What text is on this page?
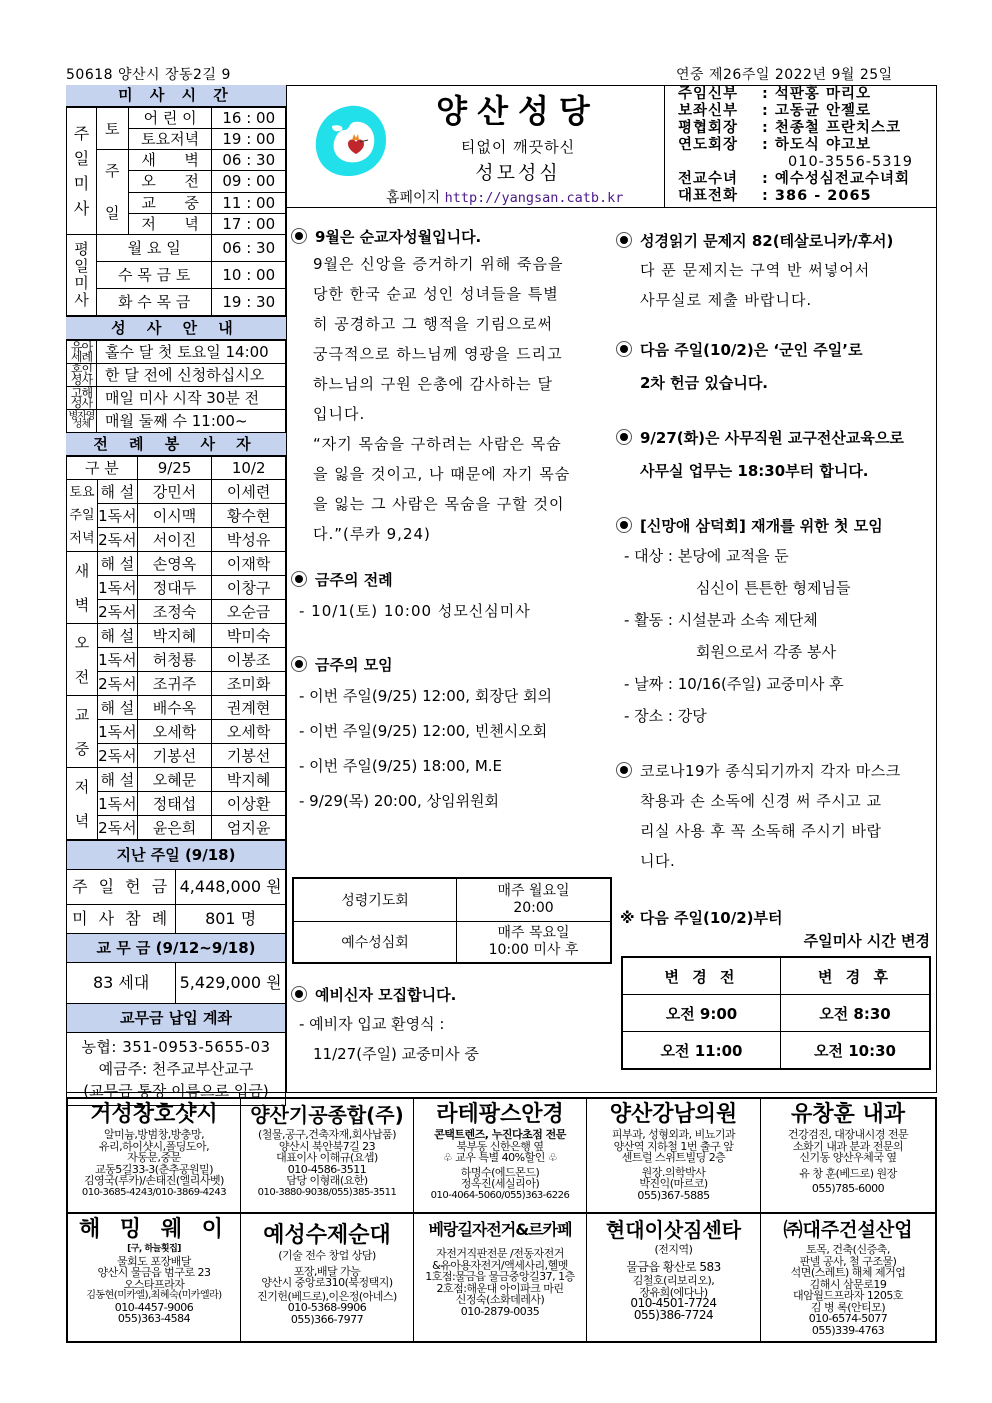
50618 양산시 장동2길 9	연중 제26주일 2022년 9월 25일
미 사 시 간
주일미사	토	어 린 이	16 : 00
		토요저녁	19 : 00
	주일	새      벽	06 : 30
		오      전	09 : 00
		교      중	11 : 00
		저      녁	17 : 00
평일미사	월 요 일		06 : 30
	수 목 금 토		10 : 00
	화 수 목 금		19 : 30
성 사 안 내
유아세례	홀수 달 첫 토요일 14:00
혼인성사	한 달 전에 신청하십시오
고해성사	매일 미사 시작 30분 전
병자영성체	매월 둘째 수 11:00~
전 례 봉 사 자
구 분		9/25	10/2
토요주일저녁	해 설	강민서	이세련
	1독서	이시맥	황수현
	2독서	서이진	박성유
새벽	해 설	손영옥	이재학
	1독서	정대두	이창구
	2독서	조정숙	오순금
오전	해 설	박지혜	박미숙
	1독서	허청룡	이봉조
	2독서	조귀주	조미화
교중	해 설	배수옥	권계현
	1독서	오세학	오세학
	2독서	기봉선	기봉선
저녁	해 설	오혜문	박지혜
	1독서	정태섭	이상환
	2독서	윤은희	엄지윤
지난 주일 (9/18)	
주 일 헌 금	4,448,000 원
미 사 참 례	801 명
교 무 금 (9/12~9/18)	
83 세대	5,429,000 원
교무금 납입 계좌	

농협: 351-0953-5655-03
예금주: 천주교부산교구
(교무금 통장 이름으로 입금)	
양산성당
티없이 깨끗하신
성모성심
홈페이지 http://yangsan.catb.kr
주임신부 : 석판홍 마리오
보좌신부 : 고동균 안젤로
평협회장 : 천종철 프란치스코
연도회장 : 하도식 야고보
010-3556-5319
전교수녀 : 예수성심전교수녀회
대표전화 : 386 - 2065
9월은 순교자성월입니다.
9월은 신앙을 증거하기 위해 죽음을
당한 한국 순교 성인 성녀들을 특별
히 공경하고 그 행적을 기림으로써
궁극적으로 하느님께 영광을 드리고
하느님의 구원 은총에 감사하는 달
입니다.
“자기 목숨을 구하려는 사람은 목숨
을 잃을 것이고, 나 때문에 자기 목숨
을 잃는 그 사람은 목숨을 구할 것이
다.”(루카 9,24)
금주의 전례
- 10/1(토) 10:00 성모신심미사
금주의 모임
- 이번 주일(9/25) 12:00, 회장단 회의
- 이번 주일(9/25) 12:00, 빈첸시오회
- 이번 주일(9/25) 18:00, M.E
- 9/29(목) 20:00, 상임위원회
성령기도회	매주 월요일
20:00

예수성심회	매주 목요일
10:00 미사 후
예비신자 모집합니다.
- 예비자 입교 환영식 :
11/27(주일) 교중미사 중
성경읽기 문제지 82(테살로니카/후서)
다 푼 문제지는 구역 반 써넣어서
사무실로 제출 바랍니다.
다음 주일(10/2)은 ‘군인 주일’로
2차 헌금 있습니다.
9/27(화)은 사무직원 교구전산교육으로
사무실 업무는 18:30부터 합니다.
[신망애 삼덕회] 재개를 위한 첫 모임
- 대상 : 본당에 교적을 둔
심신이 튼튼한 형제님들
- 활동 : 시설분과 소속 제단체
회원으로서 각종 봉사
- 날짜 : 10/16(주일) 교중미사 후
- 장소 : 강당
코로나19가 종식되기까지 각자 마스크
착용과 손 소독에 신경 써 주시고 교
리실 사용 후 꼭 소독해 주시기 바랍
니다.
※ 다음 주일(10/2)부터
주일미사 시간 변경
변 경 전	변 경 후
오전 9:00	오전 8:30
오전 11:00	오전 10:30
거성창호샷시
알미늄,방범창,방충망,
유리,하이샷시,폴딩도아,
자동문,중문
교동5길33-3(춘추공원밑)
김영국(루카)/손태진(엘리사벳)
010-3685-4243/010-3869-4243
양산기공종합(주)
(철물,공구,건축자재,회사납품)
양산시 북안북7길 23
대표이사 이해규(요셉)
010-4586-3511
담당 이형래(요한)
010-3880-9038/055)385-3511
라테팡스안경
콘택트렌즈, 누진다초점 전문
북부동 신한은행 옆
♧ 교우 특별 40%할인 ♧
하명수(에드몬드)
정옥진(세실리아)
010-4064-5060/055)363-6226
양산강남의원
피부과, 성형외과, 비뇨기과
양산역 지하철 1번 출구 앞
센트럴 스위트빌딩 2층
원장.의학박사
박진익(마르코)
055)367-5885
유창훈 내과
건강검진, 대장내시경 전문
소화기 내과 분과 전문의
신기동 양산우체국 옆
유 창 훈(베드로) 원장
055)785-6000
해 밍 웨 이
[구, 하늘횟집]
물회도 포장배달
양산시 물금읍 범구로 23
오스타프라자
김동현(미카엘),최혜숙(미카엘라)
010-4457-9006
055)363-4584
예성수제순대
(기술 전수 창업 상담)
포장,배달 가능
양산시 중앙로310(북정택지)
진기헌(베드로),이은정(아네스)
010-5368-9906
055)366-7977
베랑길자전거&르카페
자전거직판전문 /전동자전거
&유아용자전거/액세사리,헬멧
1호점:물금읍 물금중앙길37, 1층
2호점:해운대 아이파크 마린
신정숙(소화데레사)
010-2879-0035
현대이삿짐센타
(전지역)
물금읍 황산로 583
김철호(리보리오),
장유희(에다나)
010-4501-7724
055)386-7724
㈜대주건설산업
토목, 건축(신증축,
판넬 공사, 철 구조물)
석면(스레트) 해체 제거업
김해시 삼문로19
대암월드프라자 1205호
김 병 록(안티모)
010-6574-5077
055)339-4763
